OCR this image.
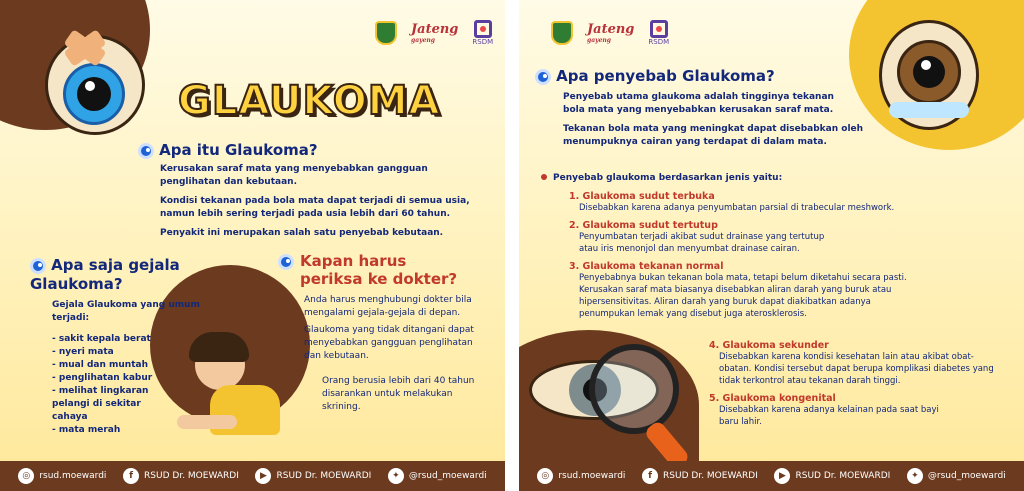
Jateng
gayeng	RSDM
GLAUKOMA
Apa itu Glaukoma?
Kerusakan saraf mata yang menyebabkan gangguan penglihatan dan kebutaan.
Kondisi tekanan pada bola mata dapat terjadi di semua usia, namun lebih sering terjadi pada usia lebih dari 60 tahun.
Penyakit ini merupakan salah satu penyebab kebutaan.
Apa saja gejala Glaukoma?
Gejala Glaukoma yang umum terjadi:
- sakit kepala berat
- nyeri mata
- mual dan muntah
- penglihatan kabur
- melihat lingkaran pelangi di sekitar cahaya
- mata merah
Kapan harus periksa ke dokter?
Anda harus menghubungi dokter bila mengalami gejala-gejala di depan.
Glaukoma yang tidak ditangani dapat menyebabkan gangguan penglihatan dan kebutaan.
Orang berusia lebih dari 40 tahun disarankan untuk melakukan skrining.
◎	rsud.moewardi	f	RSUD Dr. MOEWARDI	▶	RSUD Dr. MOEWARDI	✦	@rsud_moewardi
Jateng
gayeng	RSDM
Apa penyebab Glaukoma?
Penyebab utama glaukoma adalah tingginya tekanan bola mata yang menyebabkan kerusakan saraf mata.
Tekanan bola mata yang meningkat dapat disebabkan oleh menumpuknya cairan yang terdapat di dalam mata.
Penyebab glaukoma berdasarkan jenis yaitu:
1. Glaukoma sudut terbuka
Disebabkan karena adanya penyumbatan parsial di trabecular meshwork.
2. Glaukoma sudut tertutup
Penyumbatan terjadi akibat sudut drainase yang tertutup atau iris menonjol dan menyumbat drainase cairan.
3. Glaukoma tekanan normal
Penyebabnya bukan tekanan bola mata, tetapi belum diketahui secara pasti. Kerusakan saraf mata biasanya disebabkan aliran darah yang buruk atau hipersensitivitas. Aliran darah yang buruk dapat diakibatkan adanya penumpukan lemak yang disebut juga aterosklerosis.
4. Glaukoma sekunder
Disebabkan karena kondisi kesehatan lain atau akibat obat-obatan. Kondisi tersebut dapat berupa komplikasi diabetes yang tidak terkontrol atau tekanan darah tinggi.
5. Glaukoma kongenital
Disebabkan karena adanya kelainan pada saat bayi baru lahir.
◎	rsud.moewardi	f	RSUD Dr. MOEWARDI	▶	RSUD Dr. MOEWARDI	✦	@rsud_moewardi
